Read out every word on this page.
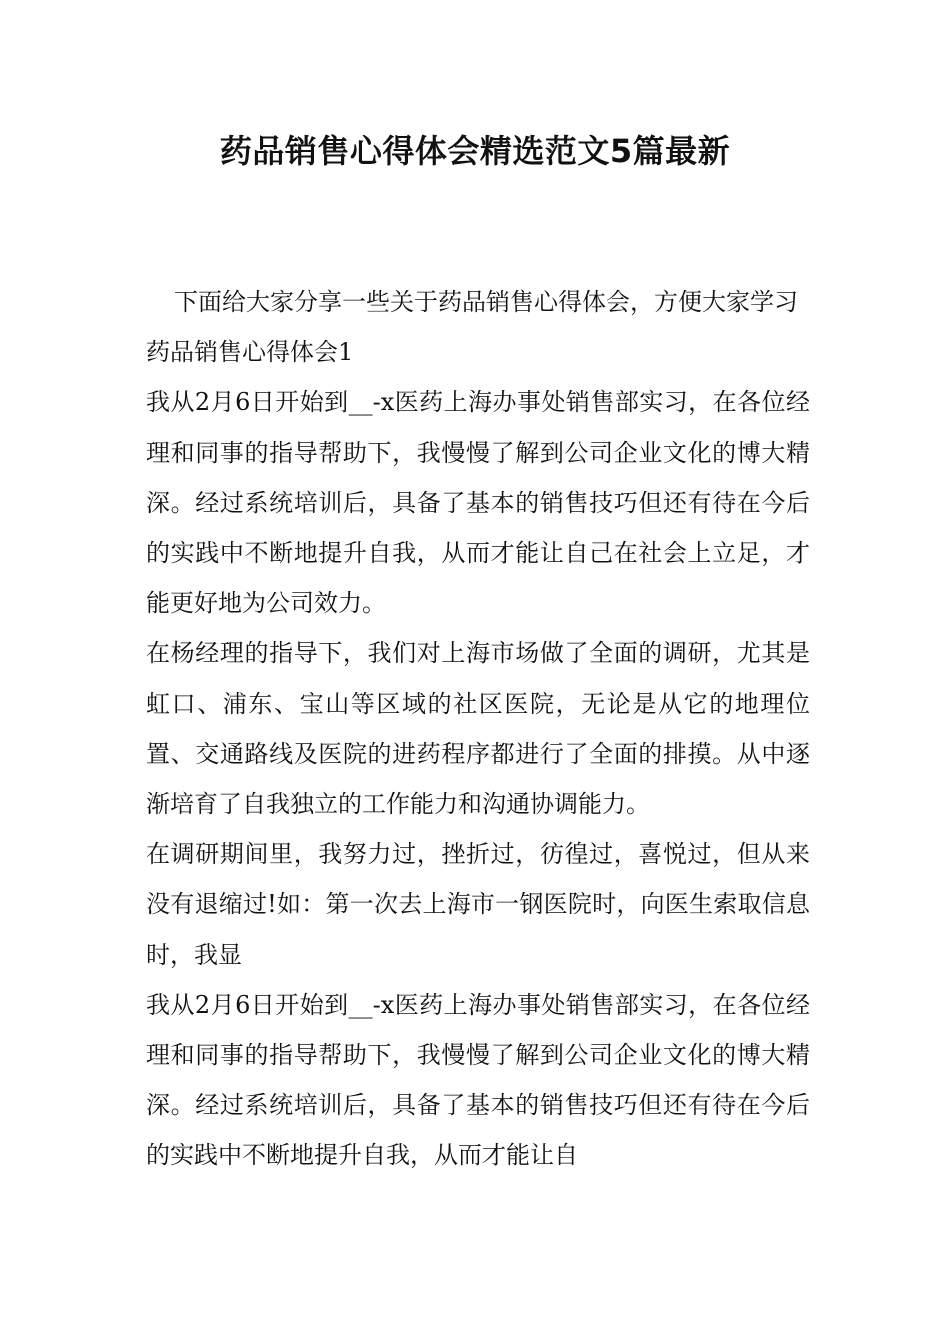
药品销售心得体会精选范文5篇最新

下面给大家分享一些关于药品销售心得体会，方便大家学习

药品销售心得体会1

我从2月6日开始到__-x医药上海办事处销售部实习，在各位经理和同事的指导帮助下，我慢慢了解到公司企业文化的博大精深。经过系统培训后，具备了基本的销售技巧但还有待在今后的实践中不断地提升自我，从而才能让自己在社会上立足，才能更好地为公司效力。

在杨经理的指导下，我们对上海市场做了全面的调研，尤其是虹口、浦东、宝山等区域的社区医院，无论是从它的地理位置、交通路线及医院的进药程序都进行了全面的排摸。从中逐渐培育了自我独立的工作能力和沟通协调能力。

在调研期间里，我努力过，挫折过，彷徨过，喜悦过，但从来没有退缩过!如：第一次去上海市一钢医院时，向医生索取信息时，我显

我从2月6日开始到__-x医药上海办事处销售部实习，在各位经理和同事的指导帮助下，我慢慢了解到公司企业文化的博大精深。经过系统培训后，具备了基本的销售技巧但还有待在今后的实践中不断地提升自我，从而才能让自
